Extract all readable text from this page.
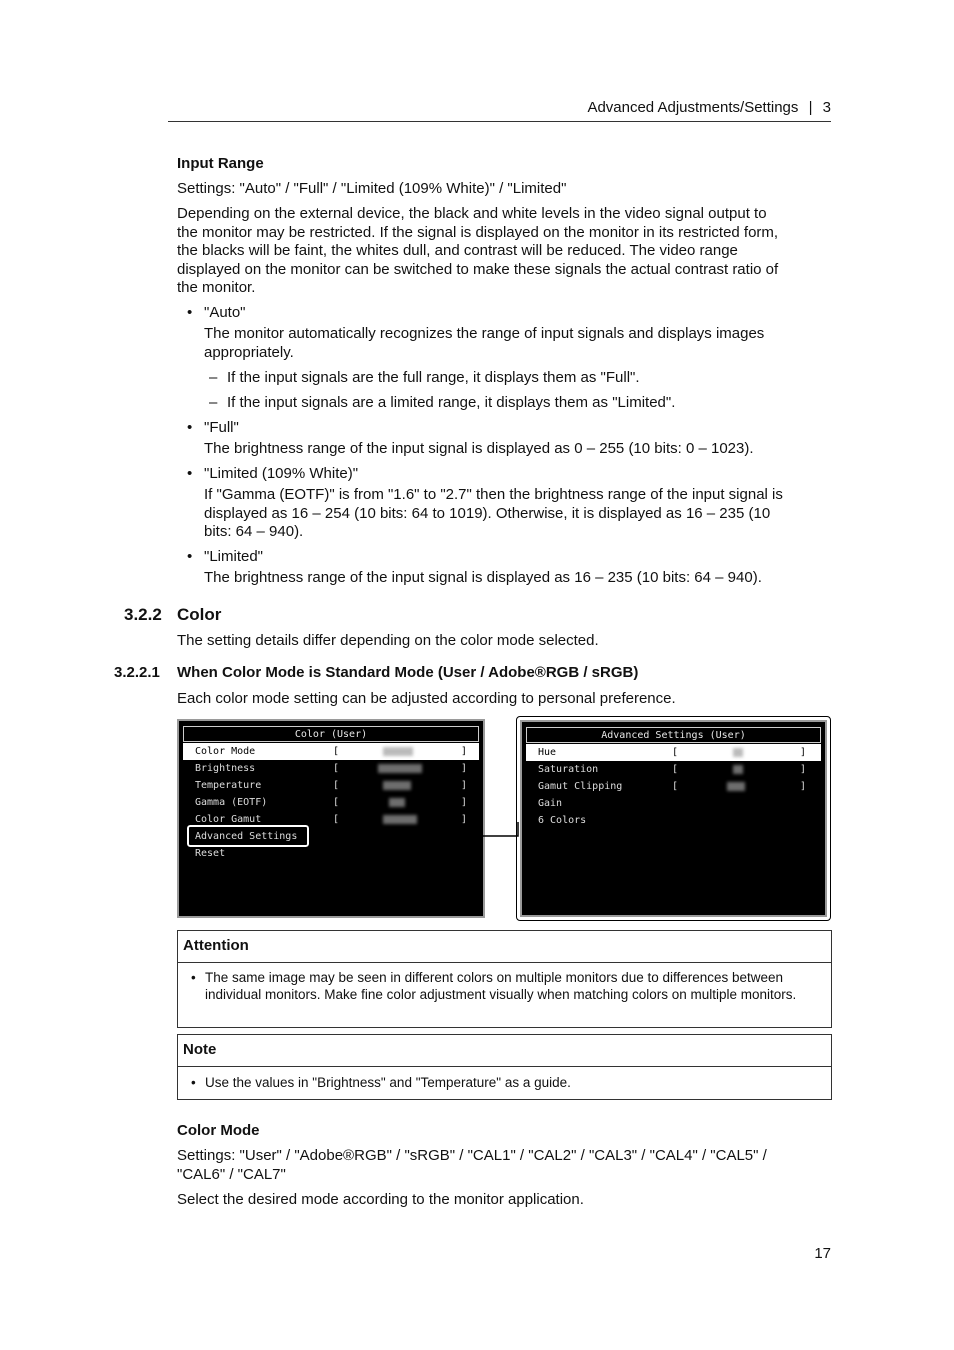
Advanced Adjustments/Settings | 3

Input Range

Settings: "Auto" / "Full" / "Limited (109% White)" / "Limited"

Depending on the external device, the black and white levels in the video signal output to

the monitor may be restricted. If the signal is displayed on the monitor in its restricted form,

the blacks will be faint, the whites dull, and contrast will be reduced. The video range

displayed on the monitor can be switched to make these signals the actual contrast ratio of

the monitor.

• "Auto"

The monitor automatically recognizes the range of input signals and displays images

appropriately.

– If the input signals are the full range, it displays them as "Full".

– If the input signals are a limited range, it displays them as "Limited".

• "Full"

The brightness range of the input signal is displayed as 0 – 255 (10 bits: 0 – 1023).

• "Limited (109% White)"

If "Gamma (EOTF)" is from "1.6" to "2.7" then the brightness range of the input signal is

displayed as 16 – 254 (10 bits: 64 to 1019). Otherwise, it is displayed as 16 – 235 (10

bits: 64 – 940).

• "Limited"

The brightness range of the input signal is displayed as 16 – 235 (10 bits: 64 – 940).

3.2.2 Color

The setting details differ depending on the color mode selected.

3.2.2.1 When Color Mode is Standard Mode (User / Adobe®RGB / sRGB)

Each color mode setting can be adjusted according to personal preference.

Color (User)
Color Mode	[	]
Brightness	[	]
Temperature	[	]
Gamma (EOTF)	[	]
Color Gamut	[	]
Advanced Settings
Reset
Advanced Settings (User)
Hue	[	]
Saturation	[	]
Gamut Clipping	[	]
Gain
6 Colors
Attention
• The same image may be seen in different colors on multiple monitors due to differences between individual monitors. Make fine color adjustment visually when matching colors on multiple monitors.
Note
• Use the values in "Brightness" and "Temperature" as a guide.

Color Mode

Settings: "User" / "Adobe®RGB" / "sRGB" / "CAL1" / "CAL2" / "CAL3" / "CAL4" / "CAL5" /

"CAL6" / "CAL7"

Select the desired mode according to the monitor application.

17
